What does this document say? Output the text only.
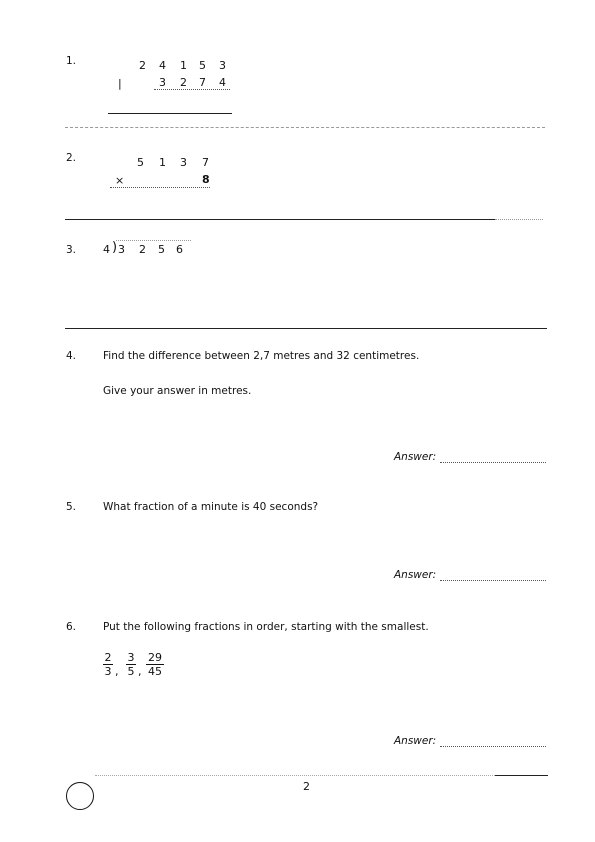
1.	2 4 1 5 3
|	3 2 7 4
2.	5 1 3 7
×	8
3. 4 ) 3 2 5 6
4.	Find the difference between 2,7 metres and 32 centimetres.
Give your answer in metres.
Answer:
5.	What fraction of a minute is 40 seconds?
Answer:
6.	Put the following fractions in order, starting with the smallest.
$\frac{2}{3}$ , $\frac{3}{5}$ , $\frac{29}{45}$
Answer:
2
